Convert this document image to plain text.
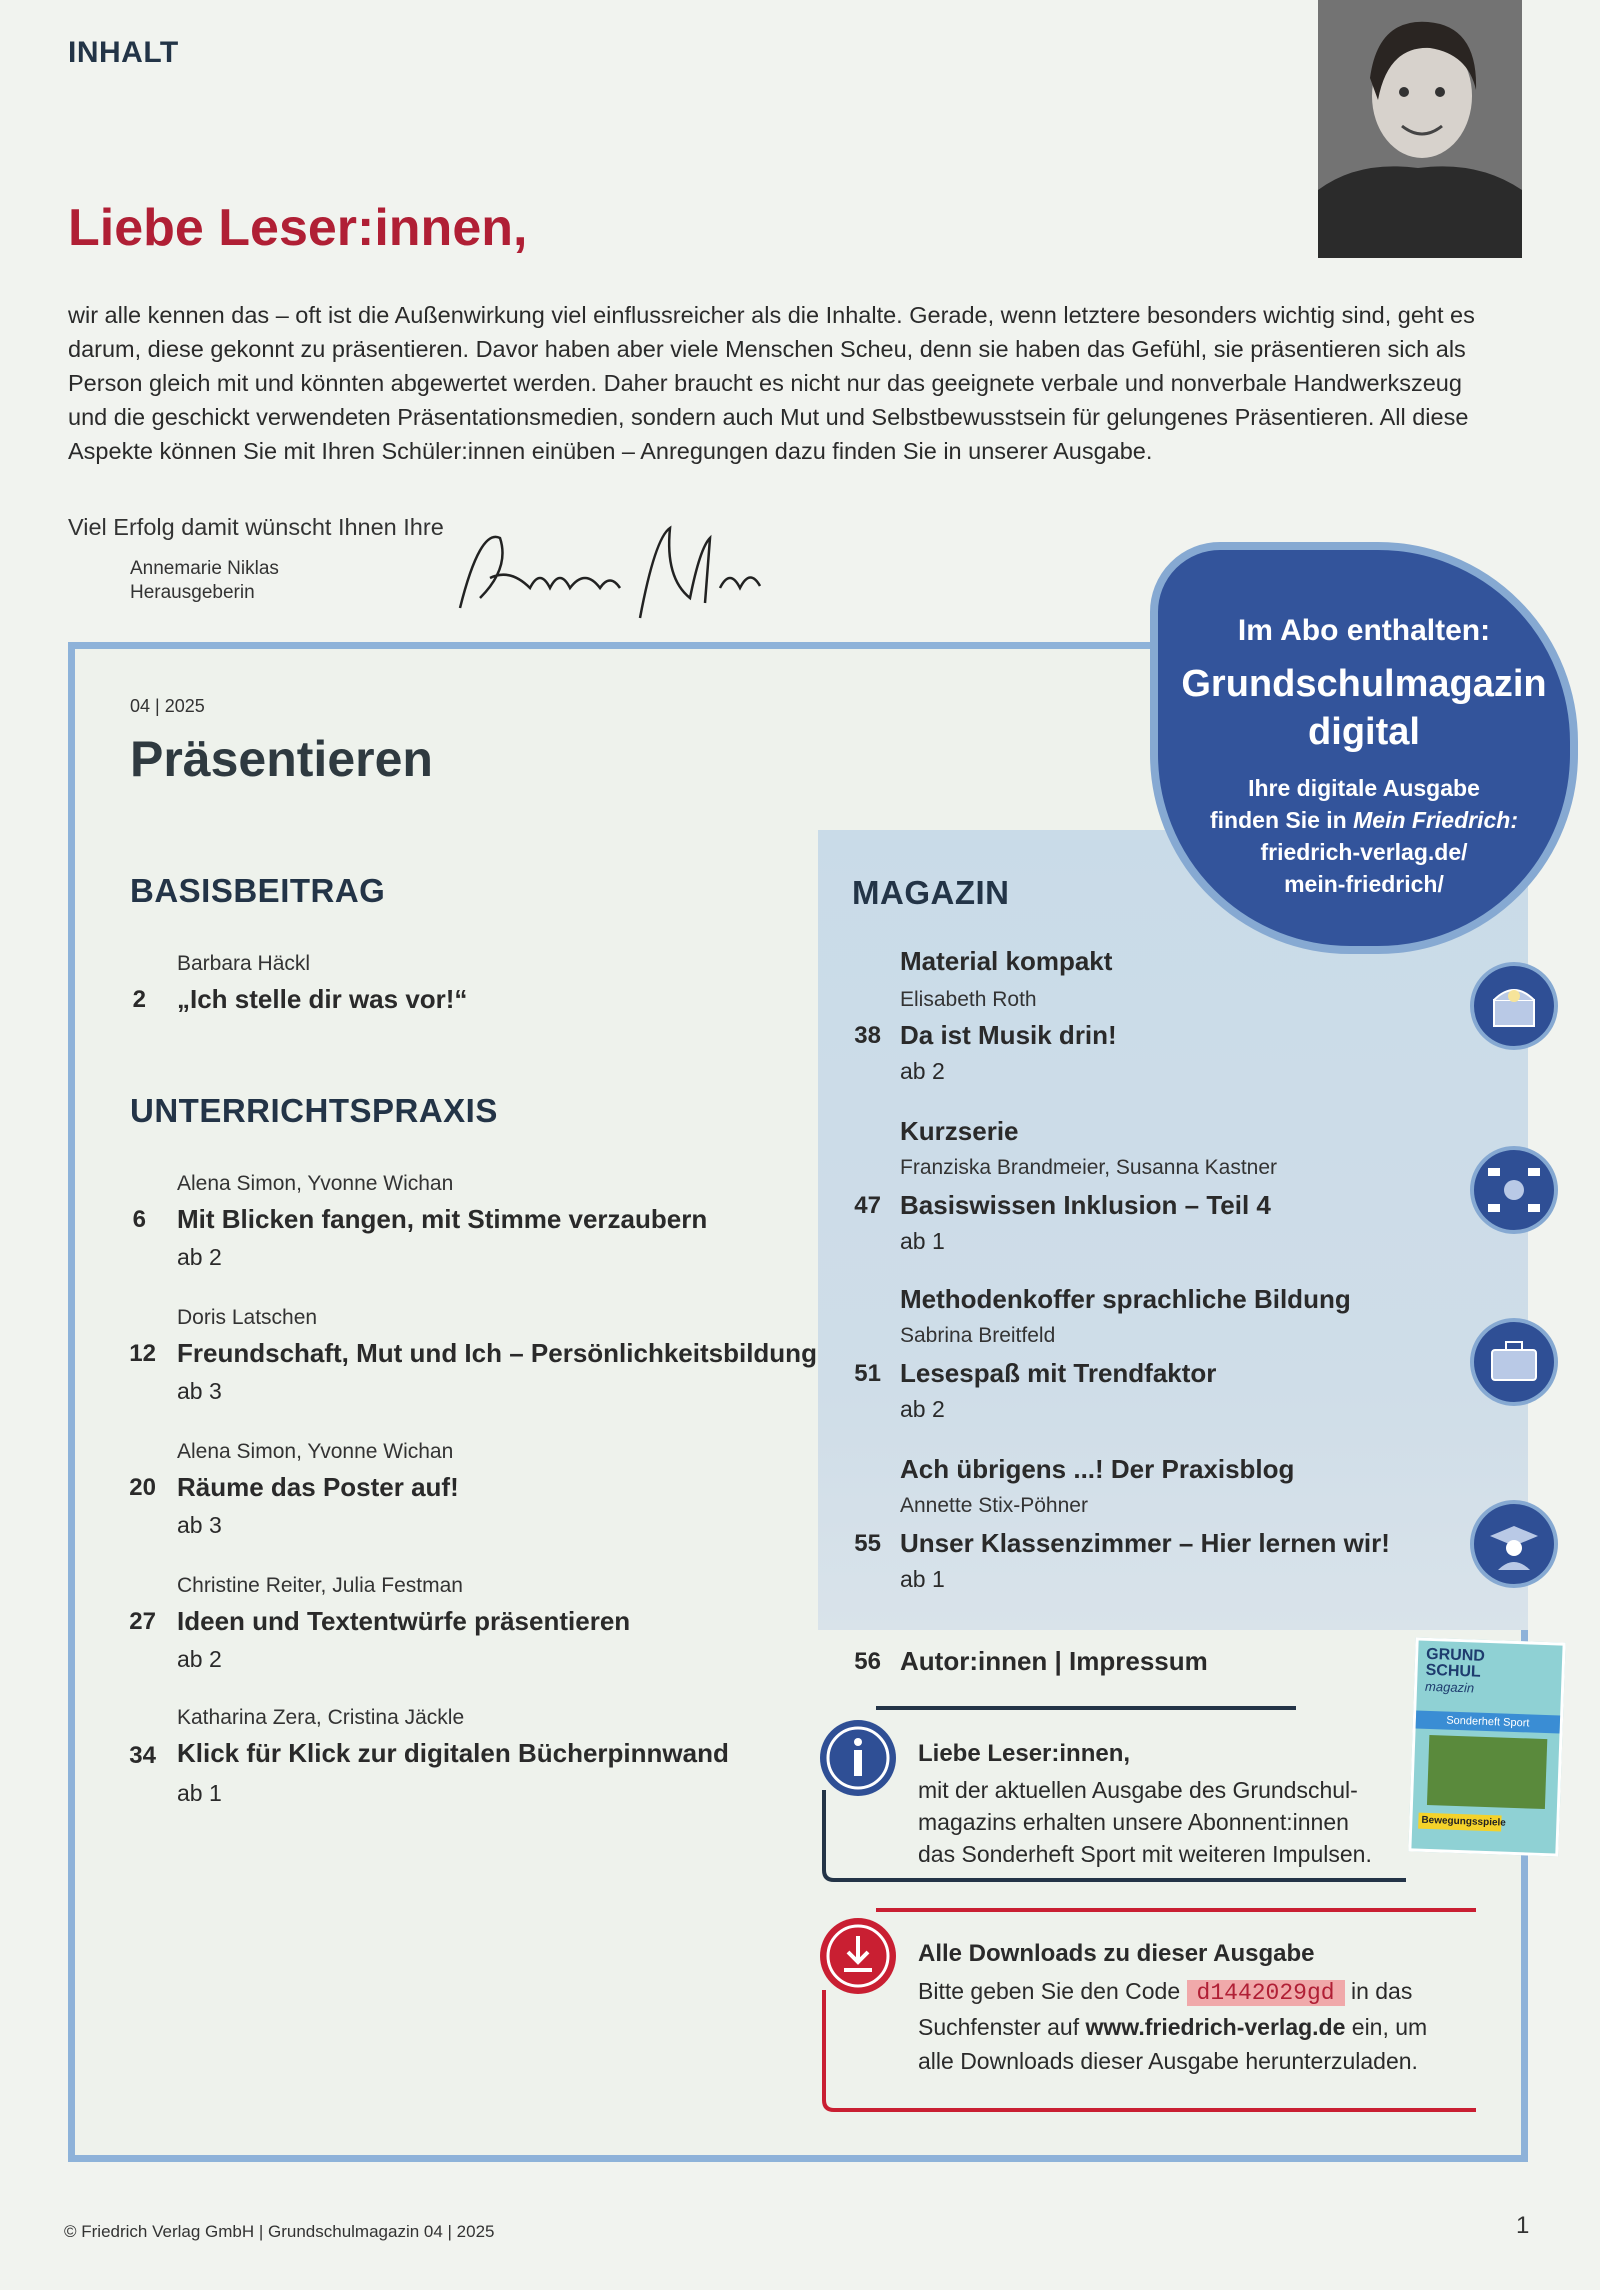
INHALT
Liebe Leser:innen,
wir alle kennen das – oft ist die Außenwirkung viel einflussreicher als die Inhalte. Gerade, wenn letztere besonders wichtig sind, geht es darum, diese gekonnt zu präsentieren. Davor haben aber viele Menschen Scheu, denn sie haben das Gefühl, sie präsentieren sich als Person gleich mit und könnten abgewertet werden. Daher braucht es nicht nur das geeignete verbale und nonverbale Handwerkszeug und die geschickt verwendeten Präsentationsmedien, sondern auch Mut und Selbstbewusstsein für gelungenes Präsentieren. All diese Aspekte können Sie mit Ihren Schüler:innen einüben – Anregungen dazu finden Sie in unserer Ausgabe.
Viel Erfolg damit wünscht Ihnen Ihre
Annemarie Niklas
Herausgeberin
04 | 2025
Präsentieren
Im Abo enthalten:
Grundschulmagazin
digital
Ihre digitale Ausgabe
finden Sie in Mein Friedrich:
friedrich-verlag.de/
mein-friedrich/
BASISBEITRAG
Barbara Häckl
2 „Ich stelle dir was vor!“
UNTERRICHTSPRAXIS
Alena Simon, Yvonne Wichan
6 Mit Blicken fangen, mit Stimme verzaubern
ab 2
Doris Latschen
12 Freundschaft, Mut und Ich – Persönlichkeitsbildung
ab 3
Alena Simon, Yvonne Wichan
20 Räume das Poster auf!
ab 3
Christine Reiter, Julia Festman
27 Ideen und Textentwürfe präsentieren
ab 2
Katharina Zera, Cristina Jäckle
34 Klick für Klick zur digitalen Bücherpinnwand
ab 1
MAGAZIN
Material kompakt
Elisabeth Roth
38 Da ist Musik drin!
ab 2
Kurzserie
Franziska Brandmeier, Susanna Kastner
47 Basiswissen Inklusion – Teil 4
ab 1
Methodenkoffer sprachliche Bildung
Sabrina Breitfeld
51 Lesespaß mit Trendfaktor
ab 2
Ach übrigens ...! Der Praxisblog
Annette Stix-Pöhner
55 Unser Klassenzimmer – Hier lernen wir!
ab 1
56 Autor:innen | Impressum
Liebe Leser:innen,
mit der aktuellen Ausgabe des Grundschul-
magazins erhalten unsere Abonnent:innen
das Sonderheft Sport mit weiteren Impulsen.
GRUND
SCHUL
magazin
Sonderheft Sport
Bewegungsspiele
Alle Downloads zu dieser Ausgabe
Bitte geben Sie den Code d1442029gd in das
Suchfenster auf www.friedrich-verlag.de ein, um
alle Downloads dieser Ausgabe herunterzuladen.
© Friedrich Verlag GmbH | Grundschulmagazin 04 | 2025	1
